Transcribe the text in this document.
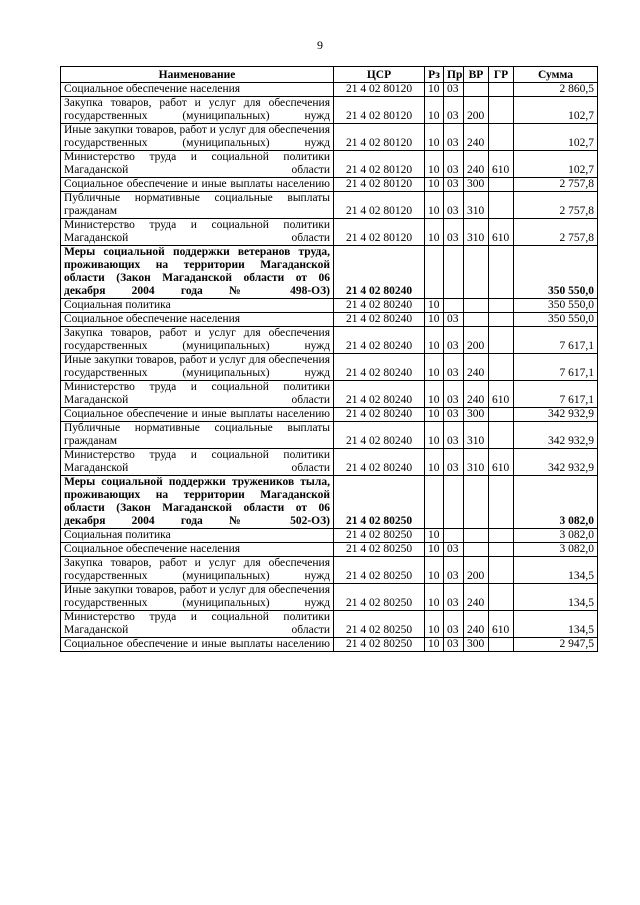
9
Наименование	ЦСР	Рз	Пр	ВР	ГР	Сумма
Социальное обеспечение населения	21 4 02 80120	10	03			2 860,5
Закупка товаров, работ и услуг для обеспечения государственных (муниципальных) нужд	21 4 02 80120	10	03	200		102,7
Иные закупки товаров, работ и услуг для обеспечения государственных (муниципальных) нужд	21 4 02 80120	10	03	240		102,7
Министерство труда и социальной политики Магаданской области	21 4 02 80120	10	03	240	610	102,7
Социальное обеспечение и иные выплаты населению	21 4 02 80120	10	03	300		2 757,8
Публичные нормативные социальные выплаты гражданам	21 4 02 80120	10	03	310		2 757,8
Министерство труда и социальной политики Магаданской области	21 4 02 80120	10	03	310	610	2 757,8
Меры социальной поддержки ветеранов труда, проживающих на территории Магаданской области (Закон Магаданской области от 06 декабря 2004 года № 498-ОЗ)	21 4 02 80240					350 550,0
Социальная политика	21 4 02 80240	10				350 550,0
Социальное обеспечение населения	21 4 02 80240	10	03			350 550,0
Закупка товаров, работ и услуг для обеспечения государственных (муниципальных) нужд	21 4 02 80240	10	03	200		7 617,1
Иные закупки товаров, работ и услуг для обеспечения государственных (муниципальных) нужд	21 4 02 80240	10	03	240		7 617,1
Министерство труда и социальной политики Магаданской области	21 4 02 80240	10	03	240	610	7 617,1
Социальное обеспечение и иные выплаты населению	21 4 02 80240	10	03	300		342 932,9
Публичные нормативные социальные выплаты гражданам	21 4 02 80240	10	03	310		342 932,9
Министерство труда и социальной политики Магаданской области	21 4 02 80240	10	03	310	610	342 932,9
Меры социальной поддержки тружеников тыла, проживающих на территории Магаданской области (Закон Магаданской области от 06 декабря 2004 года № 502-ОЗ)	21 4 02 80250					3 082,0
Социальная политика	21 4 02 80250	10				3 082,0
Социальное обеспечение населения	21 4 02 80250	10	03			3 082,0
Закупка товаров, работ и услуг для обеспечения государственных (муниципальных) нужд	21 4 02 80250	10	03	200		134,5
Иные закупки товаров, работ и услуг для обеспечения государственных (муниципальных) нужд	21 4 02 80250	10	03	240		134,5
Министерство труда и социальной политики Магаданской области	21 4 02 80250	10	03	240	610	134,5
Социальное обеспечение и иные выплаты населению	21 4 02 80250	10	03	300		2 947,5
